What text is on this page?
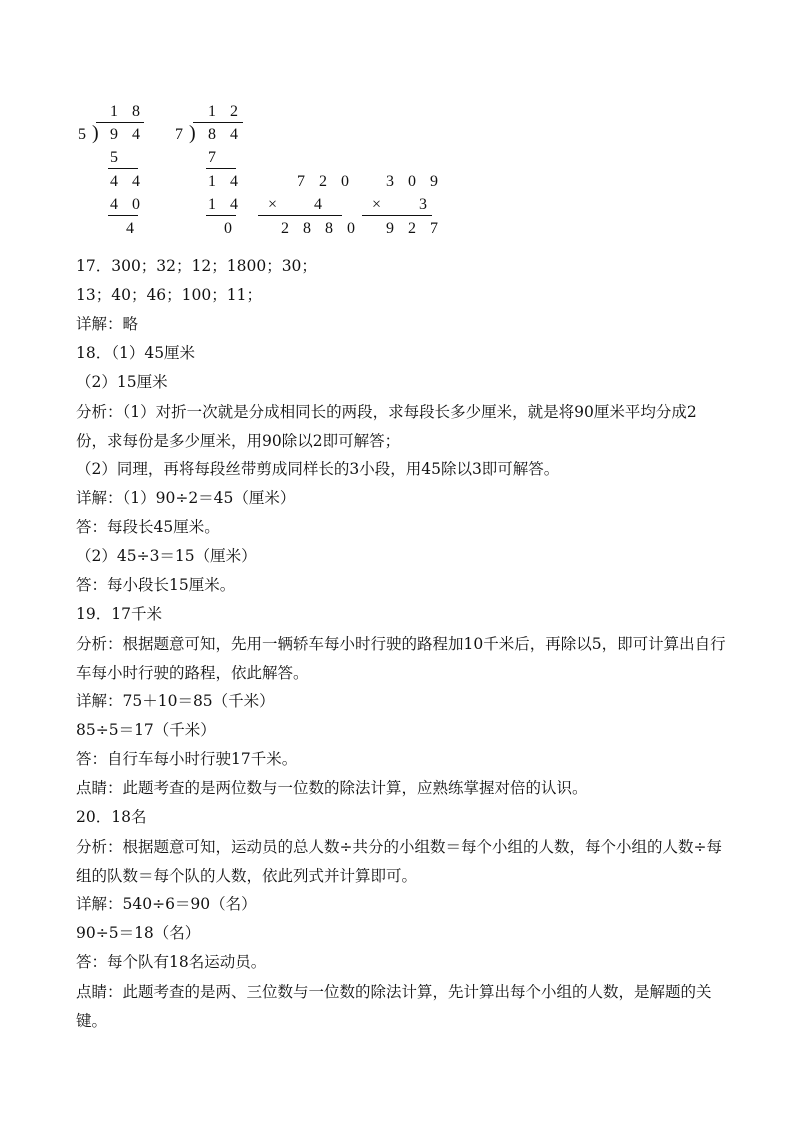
1 8
5 ) 9 4
5
4 4
4 0
4
1 2
7 ) 8 4
7
1 4
1 4
0
7 2 0
× 4
2 8 8 0
3 0 9
× 3
9 2 7
17．300；32；12；1800；30；
13；40；46；100；11；
详解：略
18．（1）45厘米
（2）15厘米
分析：（1）对折一次就是分成相同长的两段，求每段长多少厘米，就是将90厘米平均分成2份，求每份是多少厘米，用90除以2即可解答；
（2）同理，再将每段丝带剪成同样长的3小段，用45除以3即可解答。
详解：（1）90÷2＝45（厘米）
答：每段长45厘米。
（2）45÷3＝15（厘米）
答：每小段长15厘米。
19．17千米
分析：根据题意可知，先用一辆轿车每小时行驶的路程加10千米后，再除以5，即可计算出自行车每小时行驶的路程，依此解答。
详解：75＋10＝85（千米）
85÷5＝17（千米）
答：自行车每小时行驶17千米。
点睛：此题考查的是两位数与一位数的除法计算，应熟练掌握对倍的认识。
20．18名
分析：根据题意可知，运动员的总人数÷共分的小组数＝每个小组的人数，每个小组的人数÷每组的队数＝每个队的人数，依此列式并计算即可。
详解：540÷6＝90（名）
90÷5＝18（名）
答：每个队有18名运动员。
点睛：此题考查的是两、三位数与一位数的除法计算，先计算出每个小组的人数，是解题的关键。
